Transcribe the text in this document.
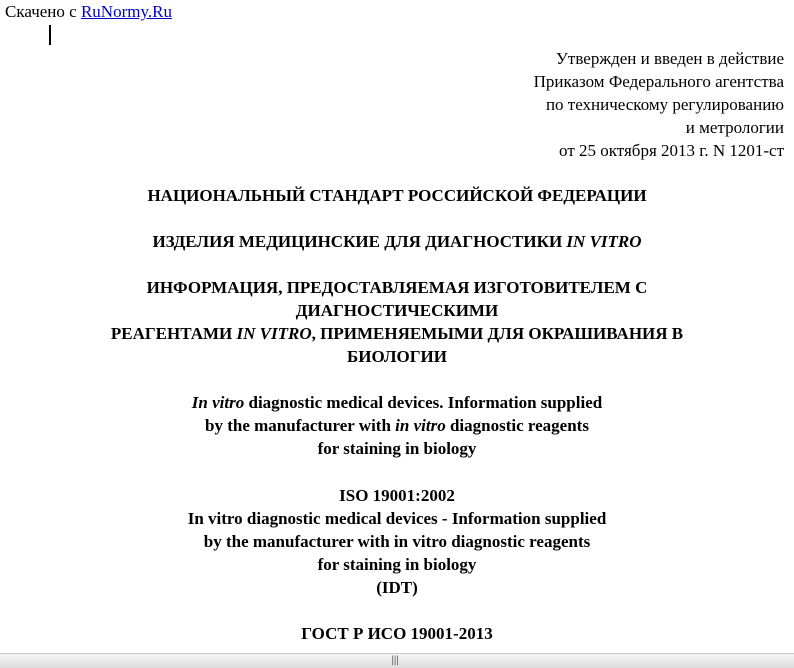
Скачено с RuNormy.Ru
Утвержден и введен в действие
Приказом Федерального агентства
по техническому регулированию
и метрологии
от 25 октября 2013 г. N 1201-ст
НАЦИОНАЛЬНЫЙ СТАНДАРТ РОССИЙСКОЙ ФЕДЕРАЦИИ
ИЗДЕЛИЯ МЕДИЦИНСКИЕ ДЛЯ ДИАГНОСТИКИ IN VITRO
ИНФОРМАЦИЯ, ПРЕДОСТАВЛЯЕМАЯ ИЗГОТОВИТЕЛЕМ С
ДИАГНОСТИЧЕСКИМИ
РЕАГЕНТАМИ IN VITRO, ПРИМЕНЯЕМЫМИ ДЛЯ ОКРАШИВАНИЯ В
БИОЛОГИИ
In vitro diagnostic medical devices. Information supplied
by the manufacturer with in vitro diagnostic reagents
for staining in biology
ISO 19001:2002
In vitro diagnostic medical devices - Information supplied
by the manufacturer with in vitro diagnostic reagents
for staining in biology
(IDT)
ГОСТ Р ИСО 19001-2013
|||
